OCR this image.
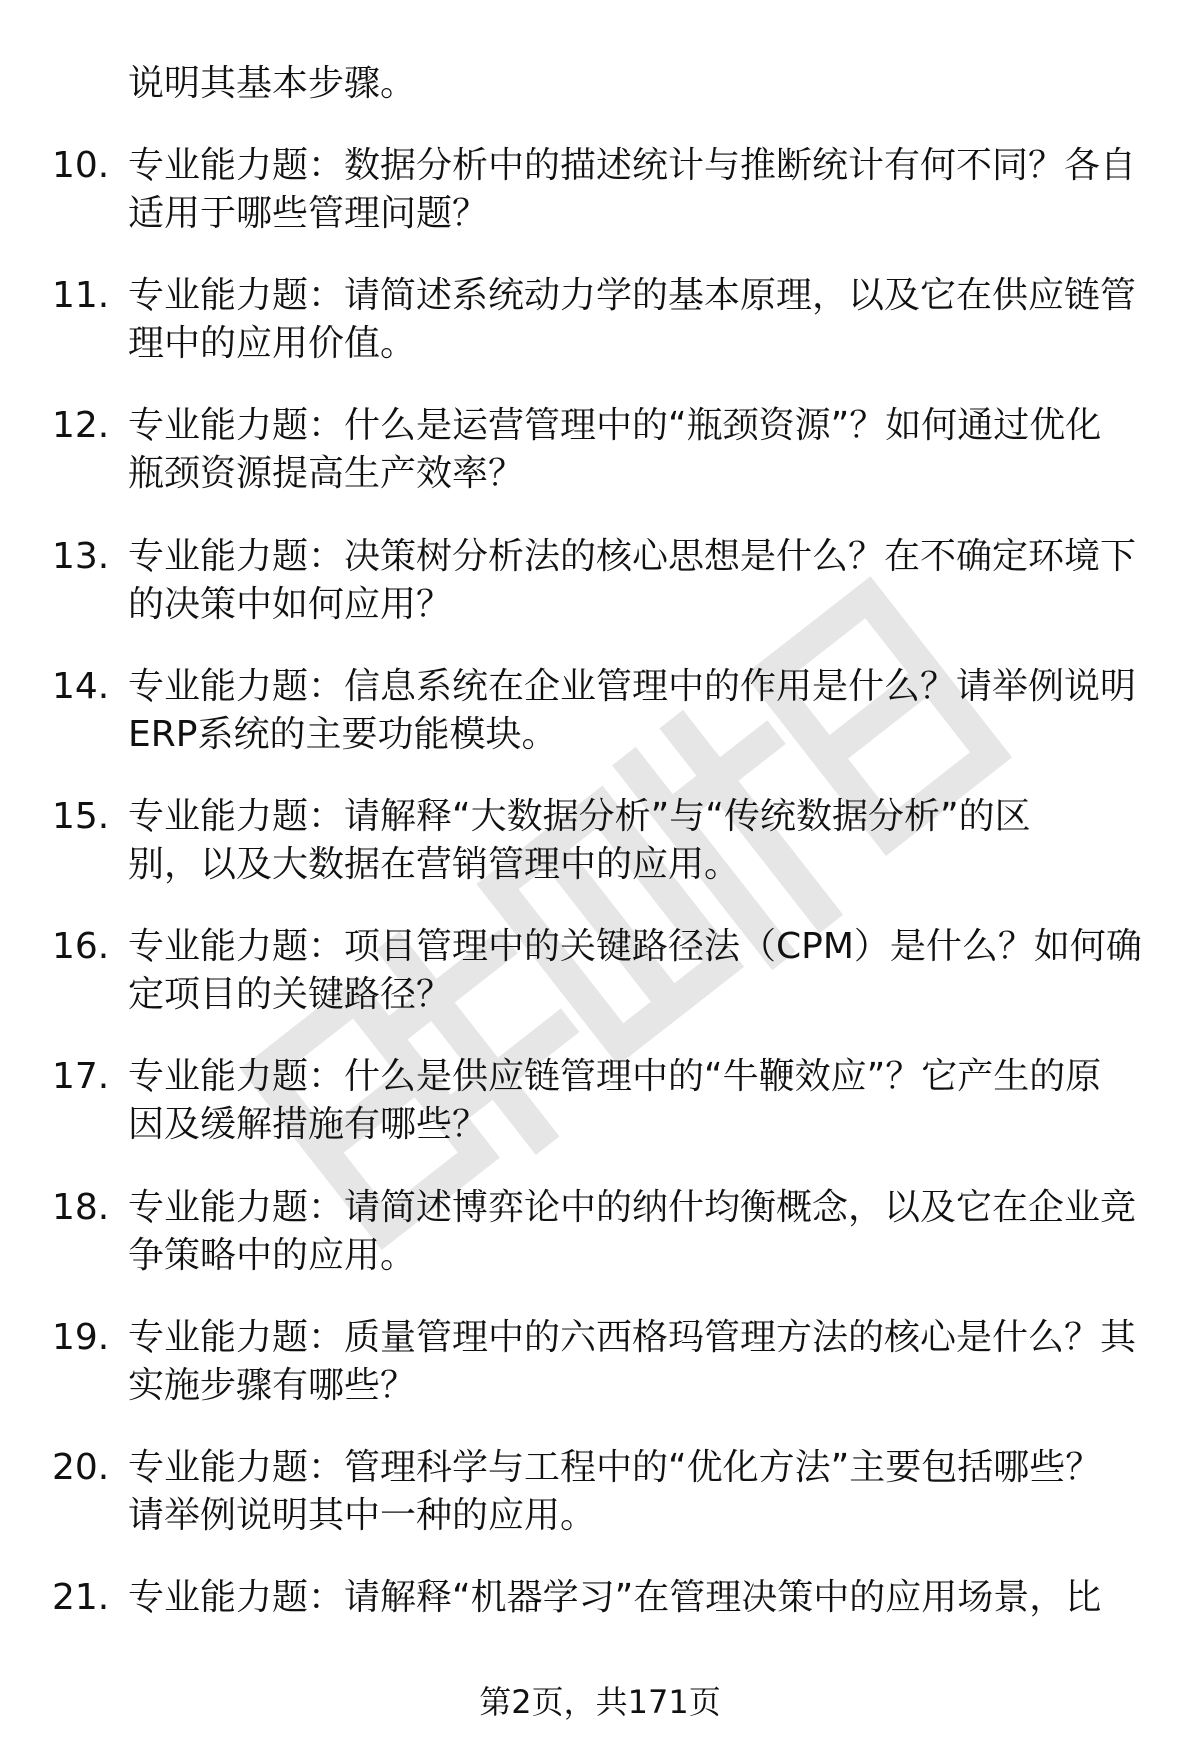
说明其基本步骤。
10. 专业能力题：数据分析中的描述统计与推断统计有何不同？各自
适用于哪些管理问题？
11. 专业能力题：请简述系统动力学的基本原理，以及它在供应链管
理中的应用价值。
12. 专业能力题：什么是运营管理中的“瓶颈资源”？如何通过优化
瓶颈资源提高生产效率？
13. 专业能力题：决策树分析法的核心思想是什么？在不确定环境下
的决策中如何应用？
14. 专业能力题：信息系统在企业管理中的作用是什么？请举例说明
ERP系统的主要功能模块。
15. 专业能力题：请解释“大数据分析”与“传统数据分析”的区
别，以及大数据在营销管理中的应用。
16. 专业能力题：项目管理中的关键路径法（CPM）是什么？如何确
定项目的关键路径？
17. 专业能力题：什么是供应链管理中的“牛鞭效应”？它产生的原
因及缓解措施有哪些？
18. 专业能力题：请简述博弈论中的纳什均衡概念，以及它在企业竞
争策略中的应用。
19. 专业能力题：质量管理中的六西格玛管理方法的核心是什么？其
实施步骤有哪些？
20. 专业能力题：管理科学与工程中的“优化方法”主要包括哪些？
请举例说明其中一种的应用。
21. 专业能力题：请解释“机器学习”在管理决策中的应用场景，比
第2页，共171页
